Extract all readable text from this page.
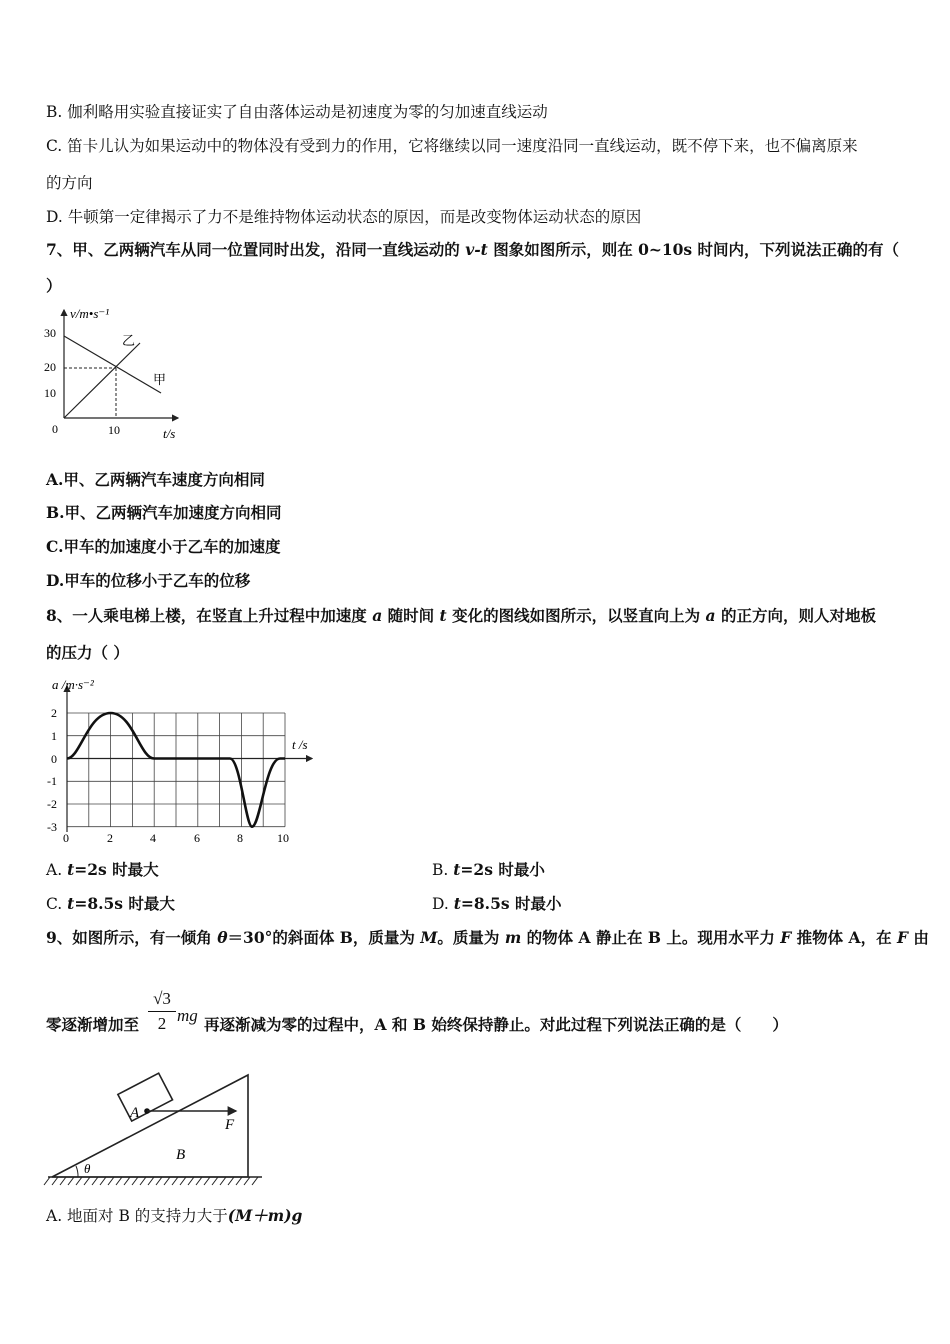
B. 伽利略用实验直接证实了自由落体运动是初速度为零的匀加速直线运动
C. 笛卡儿认为如果运动中的物体没有受到力的作用，它将继续以同一速度沿同一直线运动，既不停下来，也不偏离原来
的方向
D. 牛顿第一定律揭示了力不是维持物体运动状态的原因，而是改变物体运动状态的原因
7、甲、乙两辆汽车从同一位置同时出发，沿同一直线运动的 v-t 图象如图所示，则在 0~10s 时间内，下列说法正确的有（
）
v/m•s⁻¹
30
20
10
0	10	t/s
乙
甲
A.甲、乙两辆汽车速度方向相同
B.甲、乙两辆汽车加速度方向相同
C.甲车的加速度小于乙车的加速度
D.甲车的位移小于乙车的位移
8、一人乘电梯上楼，在竖直上升过程中加速度 a 随时间 t 变化的图线如图所示，以竖直向上为 a 的正方向，则人对地板
的压力（ ）
a /m·s⁻²
t /s
2
1
0
-1
-2
-3
0	2	4	6	8	10
A. t=2s 时最大	B. t=2s 时最小
C. t=8.5s 时最大	D. t=8.5s 时最小
9、如图所示，有一倾角 θ＝30°的斜面体 B，质量为 M。质量为 m 的物体 A 静止在 B 上。现用水平力 F 推物体 A，在 F 由
零逐渐增加至
√3
2 mg 再逐渐减为零的过程中，A 和 B 始终保持静止。对此过程下列说法正确的是（　　）
A
F
B
θ
A. 地面对 B 的支持力大于(M＋m)g
